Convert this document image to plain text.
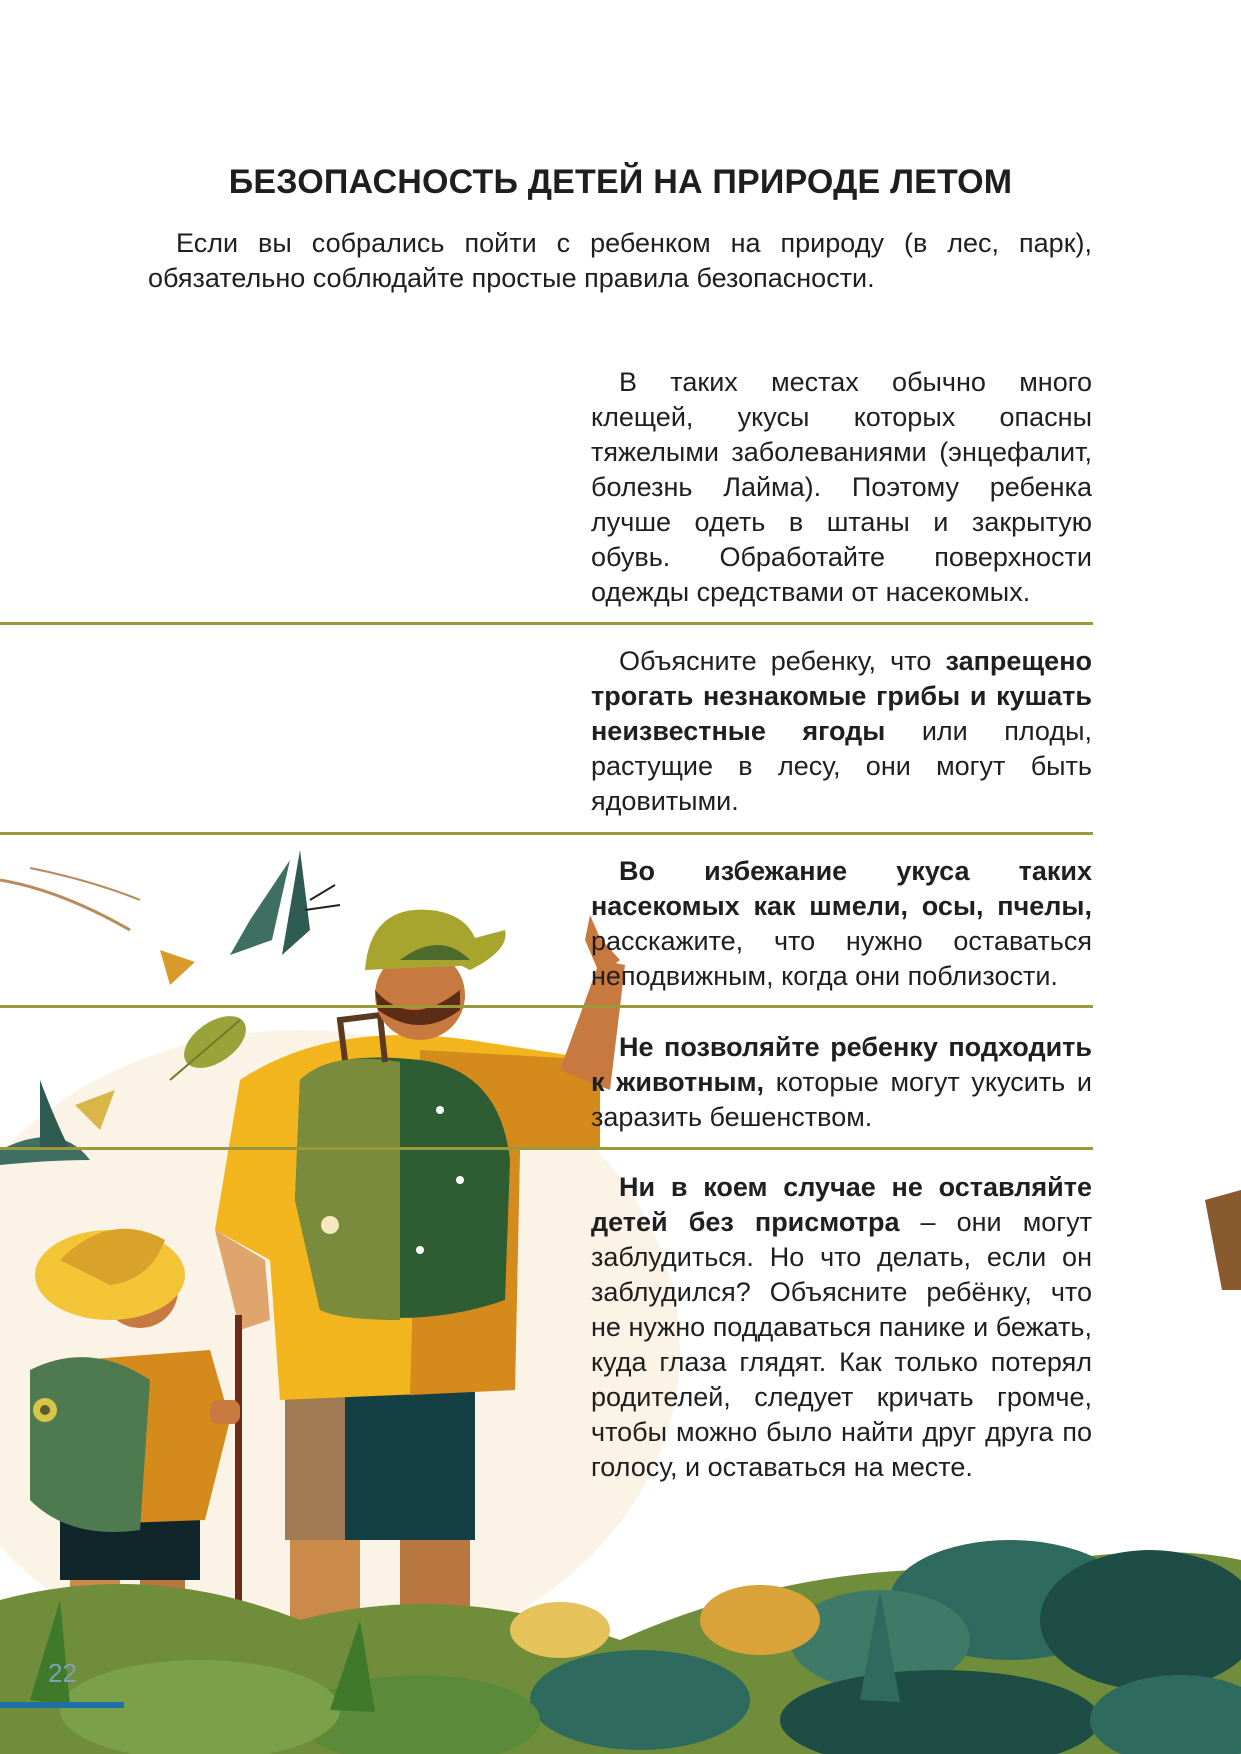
БЕЗОПАСНОСТЬ ДЕТЕЙ НА ПРИРОДЕ ЛЕТОМ

Если вы собрались пойти с ребенком на природу (в лес, парк), обязательно соблюдайте простые правила безопасности.

В таких местах обычно много клещей, укусы которых опасны тяжелыми заболеваниями (энцефалит, болезнь Лайма). Поэтому ребенка лучше одеть в штаны и закрытую обувь. Обработайте поверхности одежды средствами от насекомых.

Объясните ребенку, что запрещено трогать незнакомые грибы и кушать неизвестные ягоды или плоды, растущие в лесу, они могут быть ядовитыми.

Во избежание укуса таких насекомых как шмели, осы, пчелы, расскажите, что нужно оставаться неподвижным, когда они поблизости.

Не позволяйте ребенку подходить к животным, которые могут укусить и заразить бешенством.

Ни в коем случае не оставляйте детей без присмотра – они могут заблудиться. Но что делать, если он заблудился? Объясните ребёнку, что не нужно поддаваться панике и бежать, куда глаза глядят. Как только потерял родителей, следует кричать громче, чтобы можно было найти друг друга по голосу, и оставаться на месте.

22
